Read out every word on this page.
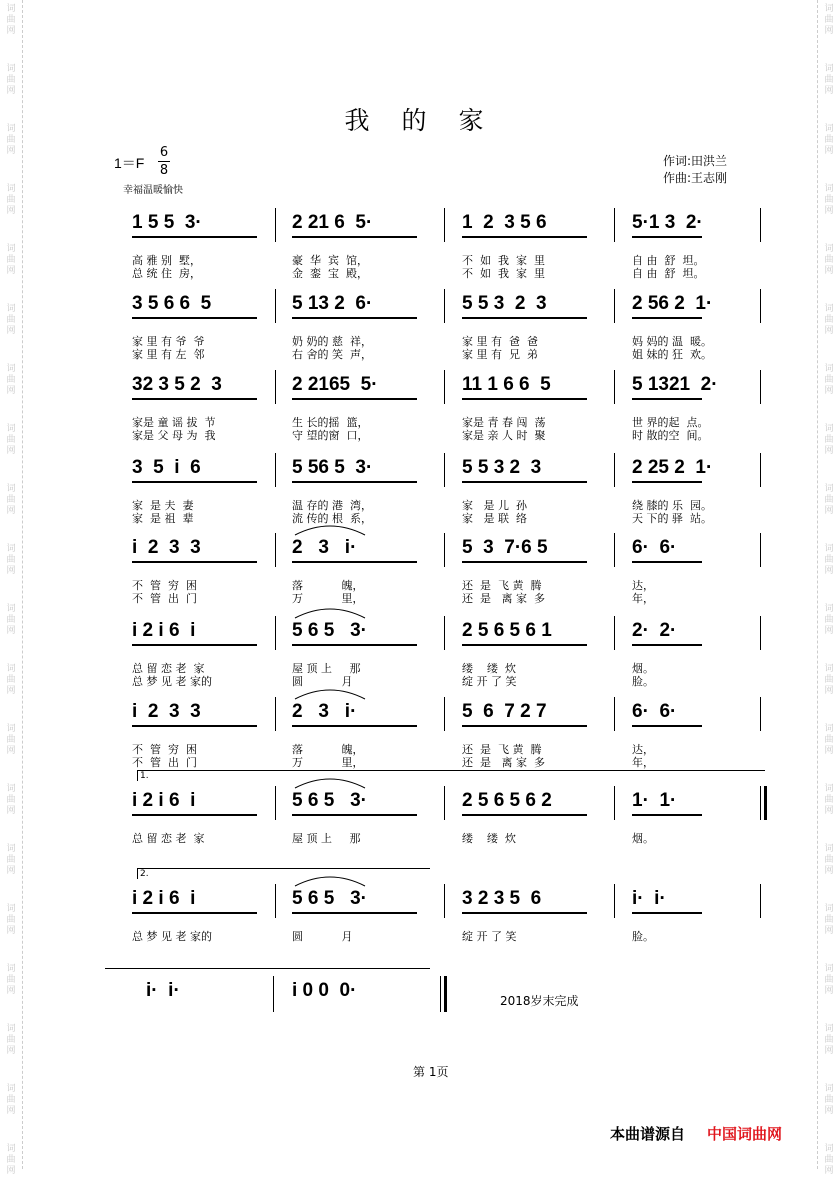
词
曲
网
词
曲
网
词
曲
网
词
曲
网
词
曲
网
词
曲
网
词
曲
网
词
曲
网
词
曲
网
词
曲
网
词
曲
网
词
曲
网
词
曲
网
词
曲
网
词
曲
网
词
曲
网
词
曲
网
词
曲
网
词
曲
网
词
曲
网
词
曲
网
词
曲
网
词
曲
网
词
曲
网
词
曲
网
词
曲
网
词
曲
网
词
曲
网
词
曲
网
词
曲
网
词
曲
网
词
曲
网
词
曲
网
词
曲
网
词
曲
网
词
曲
网
词
曲
网
词
曲
网
词
曲
网
词
曲
网
我 的 家
1＝F
6
8
幸福温暖愉快
作词:田洪兰
作曲:王志刚
1 5 5  3·
高 雅 别  墅，
总 统 住  房，
2 21 6  5·
豪  华  宾  馆，
金  銮  宝  殿，
1  2  3 5 6
不  如  我  家  里
不  如  我  家  里
5·1 3  2·
自 由  舒  坦。
自 由  舒  坦。
3 5 6 6  5
家 里 有 爷  爷
家 里 有 左  邻
5 13 2  6·
奶 奶的 慈  祥，
右 舍的 笑  声，
5 5 3  2  3
家 里 有  爸  爸
家 里 有  兄  弟
2 56 2  1·
妈 妈的 温  暖。
姐 妹的 狂  欢。
32 3 5 2  3
家是 童 谣 拔  节
家是 父 母 为  我
2 2165  5·
生 长的摇  篮，
守 望的窗  口，
11 1 6 6  5
家是 青 春 闯  荡
家是 亲 人 时  聚
5 1321  2·
世 界的起  点。
时 散的空  间。
3  5  i  6
家  是 夫  妻
家  是 祖  辈
5 56 5  3·
温 存的 港  湾，
流 传的 根  系，
5 5 3 2  3
家   是 儿  孙
家   是 联  络
2 25 2  1·
绕 膝的 乐  园。
天 下的 驿  站。
i  2  3  3
不  管  穷  困
不  管  出  门
2   3   i·
落           魄，
万           里，
5  3  7·6 5
还  是  飞 黄  腾
还  是   离 家  多
6·  6·
达，
年，
i 2 i 6  i
总 留 恋 老  家
总 梦 见 老 家的
5 6 5   3·
屋 顶 上     那
圆           月
2 5 6 5 6 1
缕    缕  炊
绽 开 了 笑
2·  2·
烟。
脸。
i  2  3  3
不  管  穷  困
不  管  出  门
2   3   i·
落           魄，
万           里，
5  6  7 2 7
还  是  飞 黄  腾
还  是   离 家  多
6·  6·
达，
年，
1.
i 2 i 6  i
总 留 恋 老  家
5 6 5   3·
屋 顶 上     那
2 5 6 5 6 2
缕    缕  炊
1·  1·
烟。
2.
i 2 i 6  i
总 梦 见 老 家的
5 6 5   3·
圆           月
3 2 3 5  6
绽 开 了 笑
i·  i·
脸。
i·  i·	i 0 0  0·	2018岁末完成
第 1页
本曲谱源自 中国词曲网
